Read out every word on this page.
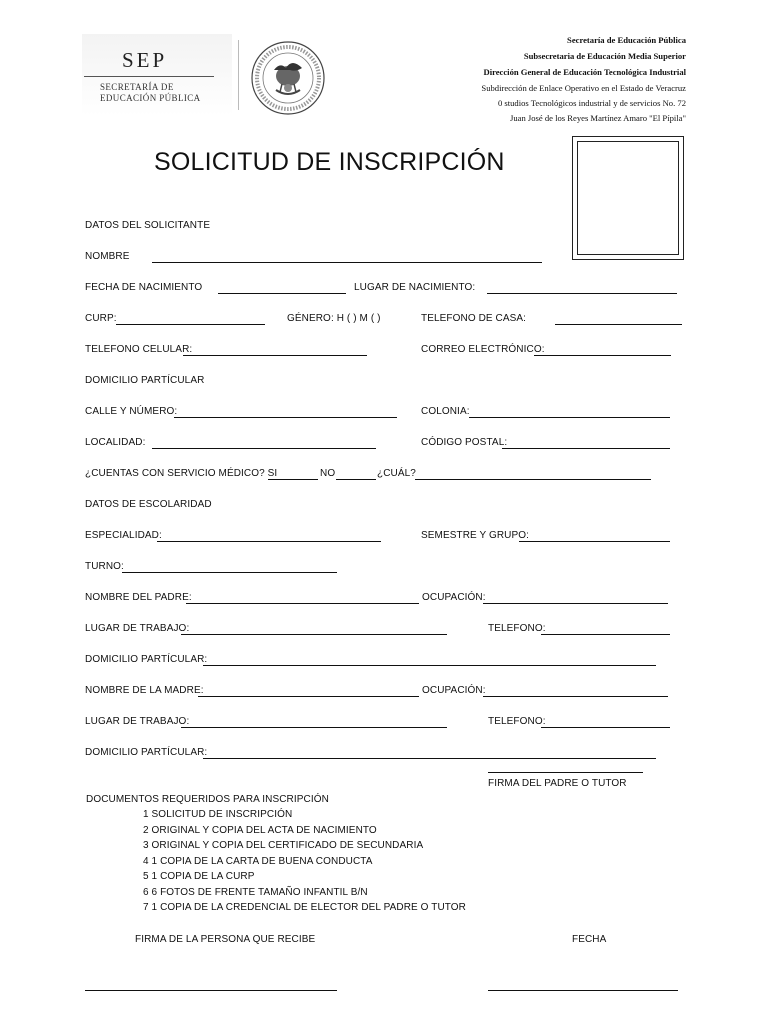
SEP
SECRETARÍA DE
EDUCACIÓN PÚBLICA
Secretaría de Educación Pública
Subsecretaria de Educación Media Superior
Dirección General de Educación Tecnológica Industrial
Subdirección de Enlace Operativo en el Estado de Veracruz
0 studios Tecnológicos industrial y de servicios No. 72
Juan José de los Reyes Martínez Amaro "El Pípila"
SOLICITUD DE INSCRIPCIÓN
DATOS DEL SOLICITANTE
NOMBRE
FECHA DE NACIMIENTO	LUGAR DE NACIMIENTO:
CURP:	GÉNERO: H ( ) M ( )	TELEFONO DE CASA:
TELEFONO CELULAR:	CORREO ELECTRÓNICO:
DOMICILIO PARTÍCULAR
CALLE Y NÚMERO:	COLONIA:
LOCALIDAD:	CÓDIGO POSTAL:
¿CUENTAS CON SERVICIO MÉDICO? SI	NO	¿CUÁL?
DATOS DE ESCOLARIDAD
ESPECIALIDAD:	SEMESTRE Y GRUPO:
TURNO:
NOMBRE DEL PADRE:	OCUPACIÓN:
LUGAR DE TRABAJO:	TELEFONO:
DOMICILIO PARTÍCULAR:
NOMBRE DE LA MADRE:	OCUPACIÓN:
LUGAR DE TRABAJO:	TELEFONO:
DOMICILIO PARTÍCULAR:
FIRMA DEL PADRE O TUTOR
DOCUMENTOS REQUERIDOS PARA INSCRIPCIÓN
1 SOLICITUD DE INSCRIPCIÓN
2 ORIGINAL Y COPIA DEL ACTA DE NACIMIENTO
3 ORIGINAL Y COPIA DEL CERTIFICADO DE SECUNDARIA
4 1 COPIA DE LA CARTA DE BUENA CONDUCTA
5 1 COPIA DE LA CURP
6 6 FOTOS DE FRENTE TAMAÑO INFANTIL B/N
7 1 COPIA DE LA CREDENCIAL DE ELECTOR DEL PADRE O TUTOR
FIRMA DE LA PERSONA QUE RECIBE	FECHA
